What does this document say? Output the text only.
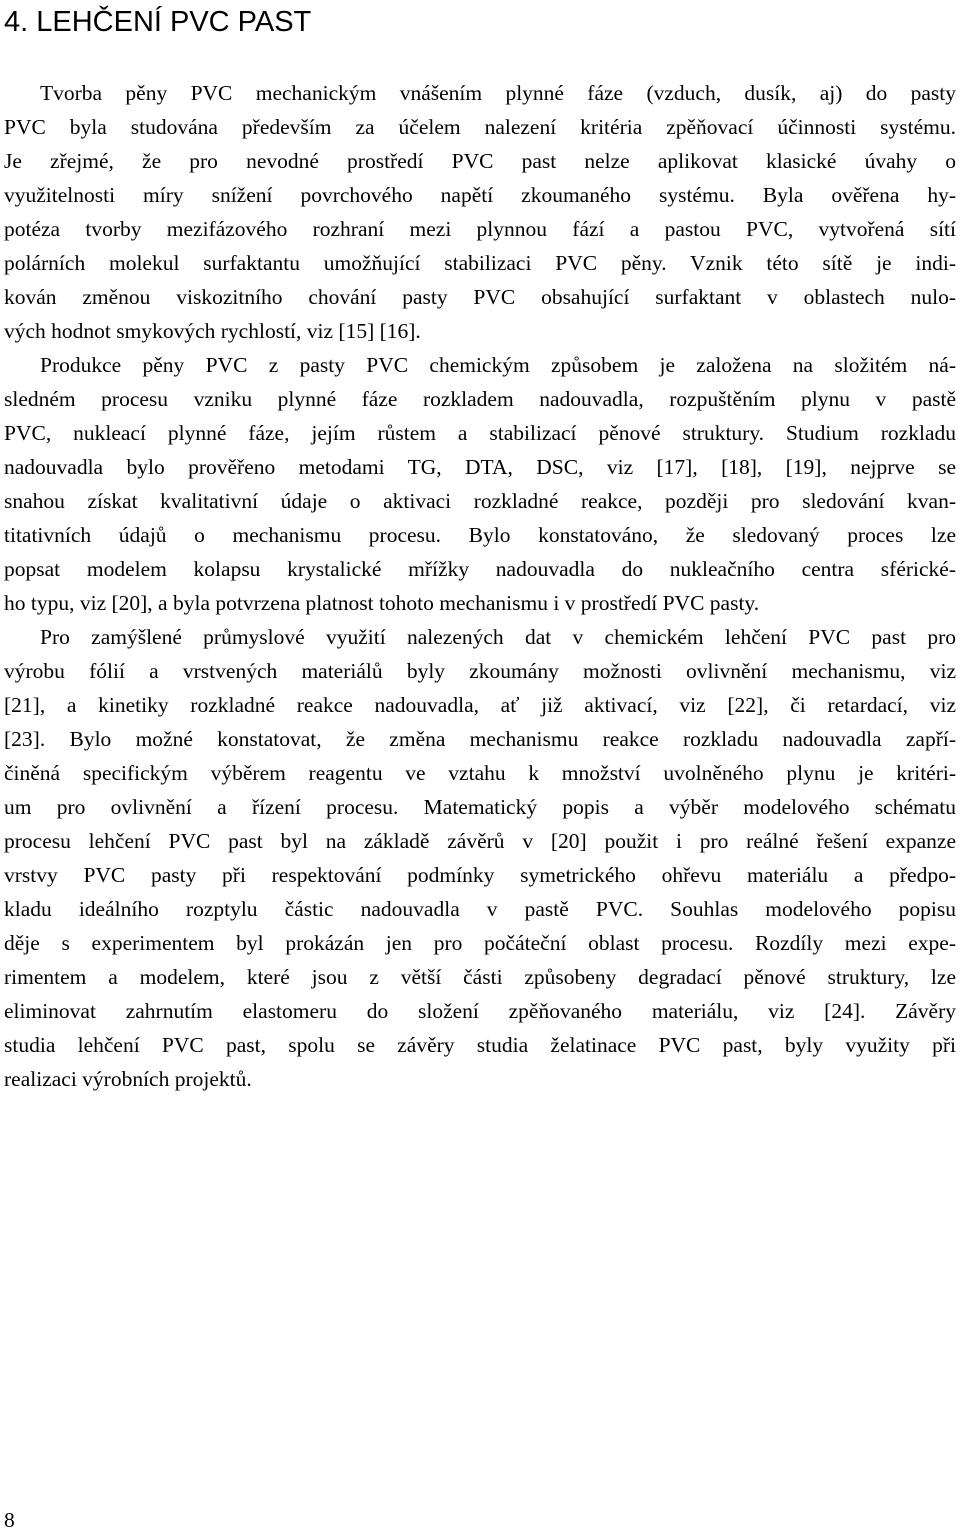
4. LEHČENÍ PVC PAST
Tvorba pěny PVC mechanickým vnášením plynné fáze (vzduch, dusík, aj) do pasty
PVC byla studována především za účelem nalezení kritéria zpěňovací účinnosti systému.
Je zřejmé, že pro nevodné prostředí PVC past nelze aplikovat klasické úvahy o
využitelnosti míry snížení povrchového napětí zkoumaného systému. Byla ověřena hy-
potéza tvorby mezifázového rozhraní mezi plynnou fází a pastou PVC, vytvořená sítí
polárních molekul surfaktantu umožňující stabilizaci PVC pěny. Vznik této sítě je indi-
kován změnou viskozitního chování pasty PVC obsahující surfaktant v oblastech nulo-
vých hodnot smykových rychlostí, viz [15] [16].
Produkce pěny PVC z pasty PVC chemickým způsobem je založena na složitém ná-
sledném procesu vzniku plynné fáze rozkladem nadouvadla, rozpuštěním plynu v pastě
PVC, nukleací plynné fáze, jejím růstem a stabilizací pěnové struktury. Studium rozkladu
nadouvadla bylo prověřeno metodami TG, DTA, DSC, viz [17], [18], [19], nejprve se
snahou získat kvalitativní údaje o aktivaci rozkladné reakce, později pro sledování kvan-
titativních údajů o mechanismu procesu. Bylo konstatováno, že sledovaný proces lze
popsat modelem kolapsu krystalické mřížky nadouvadla do nukleačního centra sférické-
ho typu, viz [20], a byla potvrzena platnost tohoto mechanismu i v prostředí PVC pasty.
Pro zamýšlené průmyslové využití nalezených dat v chemickém lehčení PVC past pro
výrobu fólií a vrstvených materiálů byly zkoumány možnosti ovlivnění mechanismu, viz
[21], a kinetiky rozkladné reakce nadouvadla, ať již aktivací, viz [22], či retardací, viz
[23]. Bylo možné konstatovat, že změna mechanismu reakce rozkladu nadouvadla zapří-
činěná specifickým výběrem reagentu ve vztahu k množství uvolněného plynu je kritéri-
um pro ovlivnění a řízení procesu. Matematický popis a výběr modelového schématu
procesu lehčení PVC past byl na základě závěrů v [20] použit i pro reálné řešení expanze
vrstvy PVC pasty při respektování podmínky symetrického ohřevu materiálu a předpo-
kladu ideálního rozptylu částic nadouvadla v pastě PVC. Souhlas modelového popisu
děje s experimentem byl prokázán jen pro počáteční oblast procesu. Rozdíly mezi expe-
rimentem a modelem, které jsou z větší části způsobeny degradací pěnové struktury, lze
eliminovat zahrnutím elastomeru do složení zpěňovaného materiálu, viz [24]. Závěry
studia lehčení PVC past, spolu se závěry studia želatinace PVC past, byly využity při
realizaci výrobních projektů.
8
